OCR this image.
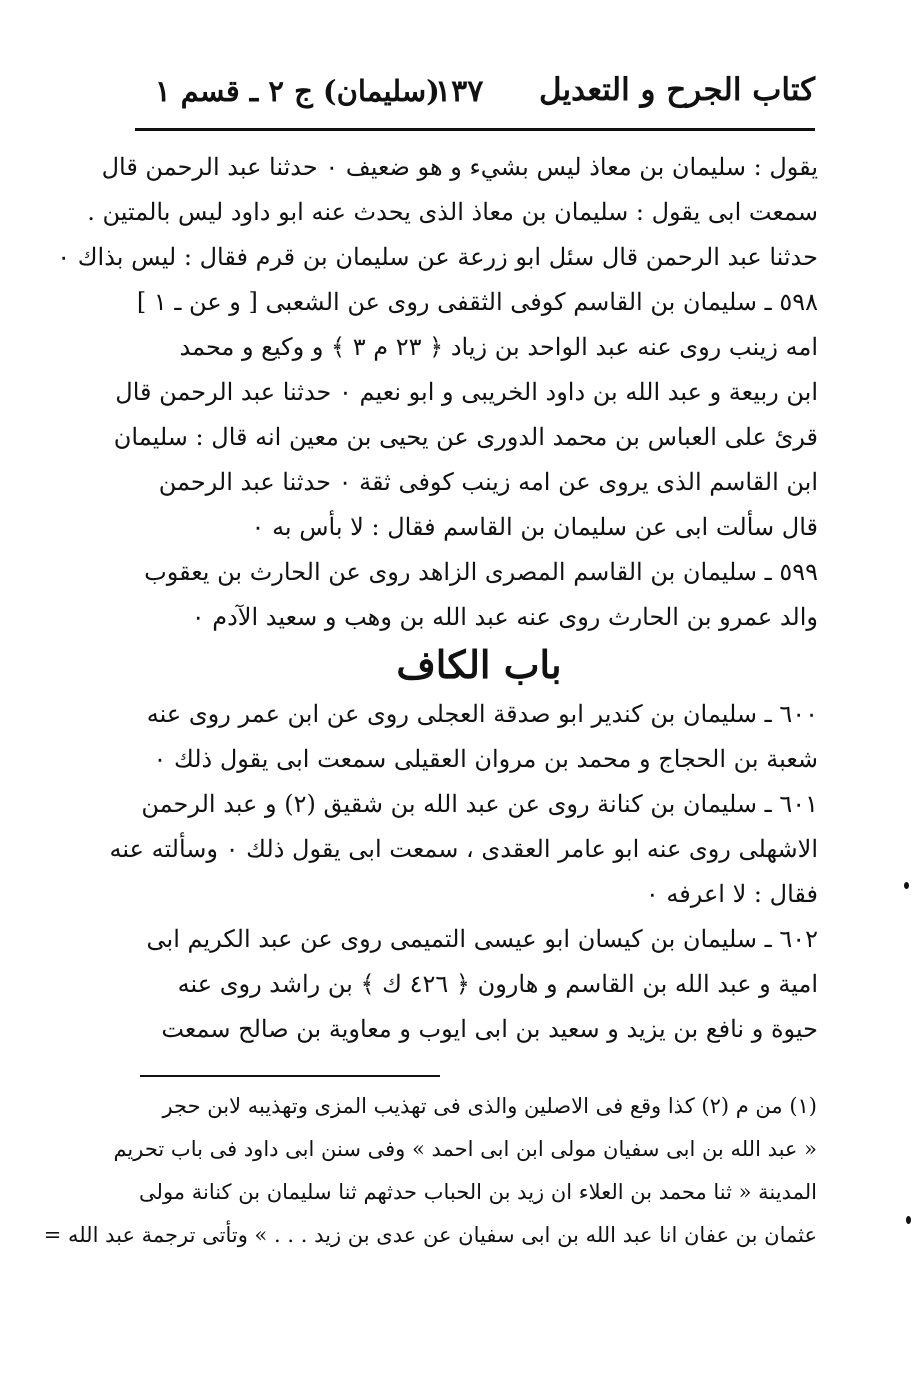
كتاب الجرح و التعديل
١٣٧
(سليمان) ج ٢ ـ قسم ١

يقول : سليمان بن معاذ ليس بشيء و هو ضعيف ٠ حدثنا عبد الرحمن قال

سمعت ابى يقول : سليمان بن معاذ الذى يحدث عنه ابو داود ليس بالمتين .

حدثنا عبد الرحمن قال سئل ابو زرعة عن سليمان بن قرم فقال : ليس بذاك ٠

٥٩٨ ـ سليمان بن القاسم كوفى الثقفى روى عن الشعبى [ و عن ـ ١ ]

امه زينب روى عنه عبد الواحد بن زياد ﴿ ٢٣ م ٣ ﴾ و وكيع و محمد

ابن ربيعة و عبد الله بن داود الخريبى و ابو نعيم ٠ حدثنا عبد الرحمن قال

قرئ على العباس بن محمد الدورى عن يحيى بن معين انه قال : سليمان

ابن القاسم الذى يروى عن امه زينب كوفى ثقة ٠ حدثنا عبد الرحمن

قال سألت ابى عن سليمان بن القاسم فقال : لا بأس به ٠

٥٩٩ ـ سليمان بن القاسم المصرى الزاهد روى عن الحارث بن يعقوب

والد عمرو بن الحارث روى عنه عبد الله بن وهب و سعيد الآدم ٠

باب الكاف

٦٠٠ ـ سليمان بن كندير ابو صدقة العجلى روى عن ابن عمر روى عنه

شعبة بن الحجاج و محمد بن مروان العقيلى سمعت ابى يقول ذلك ٠

٦٠١ ـ سليمان بن كنانة روى عن عبد الله بن شقيق (٢) و عبد الرحمن

الاشهلى روى عنه ابو عامر العقدى ، سمعت ابى يقول ذلك ٠ وسألته عنه

فقال : لا اعرفه ٠

٦٠٢ ـ سليمان بن كيسان ابو عيسى التميمى روى عن عبد الكريم ابى

امية و عبد الله بن القاسم و هارون ﴿ ٤٢٦ ك ﴾ بن راشد روى عنه

حيوة و نافع بن يزيد و سعيد بن ابى ايوب و معاوية بن صالح سمعت

(١) من م (٢) كذا وقع فى الاصلين والذى فى تهذيب المزى وتهذيبه لابن حجر

« عبد الله بن ابى سفيان مولى ابن ابى احمد » وفى سنن ابى داود فى باب تحريم

المدينة « ثنا محمد بن العلاء ان زيد بن الحباب حدثهم ثنا سليمان بن كنانة مولى

عثمان بن عفان انا عبد الله بن ابى سفيان عن عدى بن زيد . . . » وتأتى ترجمة عبد الله =
